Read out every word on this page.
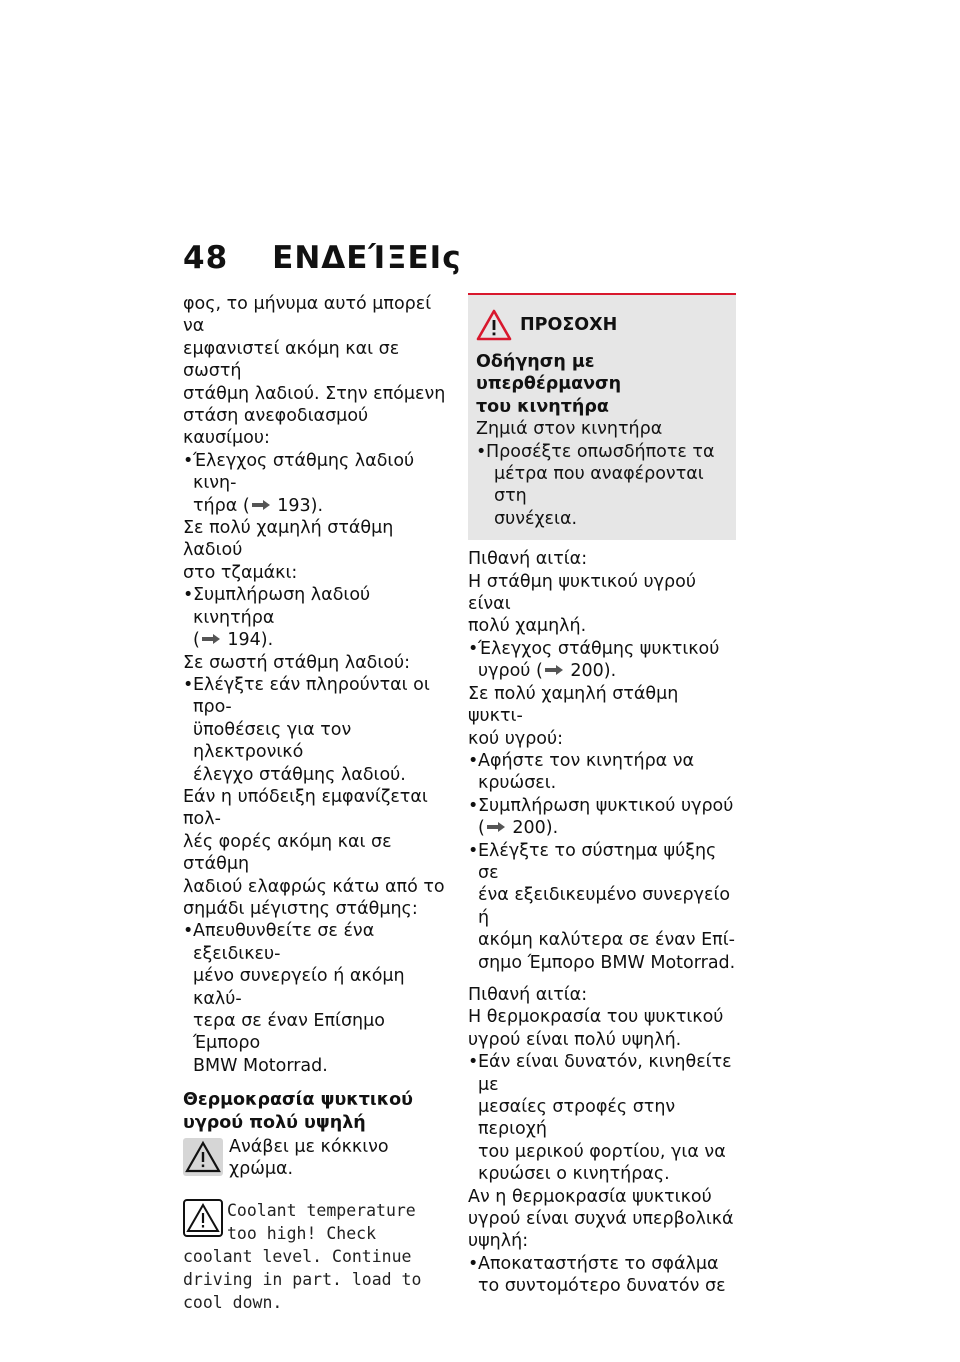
48 ΕΝΔΕΊΞΕΙς

φος, το μήνυμα αυτό μπορεί να

εμφανιστεί ακόμη και σε σωστή

στάθμη λαδιού. Στην επόμενη

στάση ανεφοδιασμού καυσίμου:

• Έλεγχος στάθμης λαδιού κινη-
τήρα ( 193).

Σε πολύ χαμηλή στάθμη λαδιού

στο τζαμάκι:

• Συμπλήρωση λαδιού κινητήρα
( 194).

Σε σωστή στάθμη λαδιού:

• Ελέγξτε εάν πληρούνται οι προ-
ϋποθέσεις για τον ηλεκτρονικό
έλεγχο στάθμης λαδιού.

Εάν η υπόδειξη εμφανίζεται πολ-

λές φορές ακόμη και σε στάθμη

λαδιού ελαφρώς κάτω από το

σημάδι μέγιστης στάθμης:

• Απευθυνθείτε σε ένα εξειδικευ-
μένο συνεργείο ή ακόμη καλύ-
τερα σε έναν Επίσημο Έμπορο
BMW Motorrad.
Θερμοκρασία ψυκτικού
υγρού πολύ υψηλή
Ανάβει με κόκκινο χρώμα.
Coolant temperature
too high! Check
coolant level. Continue
driving in part. load to
cool down.
ΠΡΟΣΟΧΗ
Οδήγηση με υπερθέρμανση
του κινητήρα
Ζημιά στον κινητήρα
• Προσέξτε οπωσδήποτε τα
μέτρα που αναφέρονται στη
συνέχεια.

Πιθανή αιτία:

Η στάθμη ψυκτικού υγρού είναι

πολύ χαμηλή.

• Έλεγχος στάθμης ψυκτικού
υγρού ( 200).

Σε πολύ χαμηλή στάθμη ψυκτι-

κού υγρού:

• Αφήστε τον κινητήρα να
κρυώσει.
• Συμπλήρωση ψυκτικού υγρού
( 200).
• Ελέγξτε το σύστημα ψύξης σε
ένα εξειδικευμένο συνεργείο ή
ακόμη καλύτερα σε έναν Επί-
σημο Έμπορο BMW Motorrad.

Πιθανή αιτία:

Η θερμοκρασία του ψυκτικού

υγρού είναι πολύ υψηλή.

• Εάν είναι δυνατόν, κινηθείτε με
μεσαίες στροφές στην περιοχή
του μερικού φορτίου, για να
κρυώσει ο κινητήρας.

Αν η θερμοκρασία ψυκτικού

υγρού είναι συχνά υπερβολικά

υψηλή:

• Αποκαταστήστε το σφάλμα
το συντομότερο δυνατόν σε
